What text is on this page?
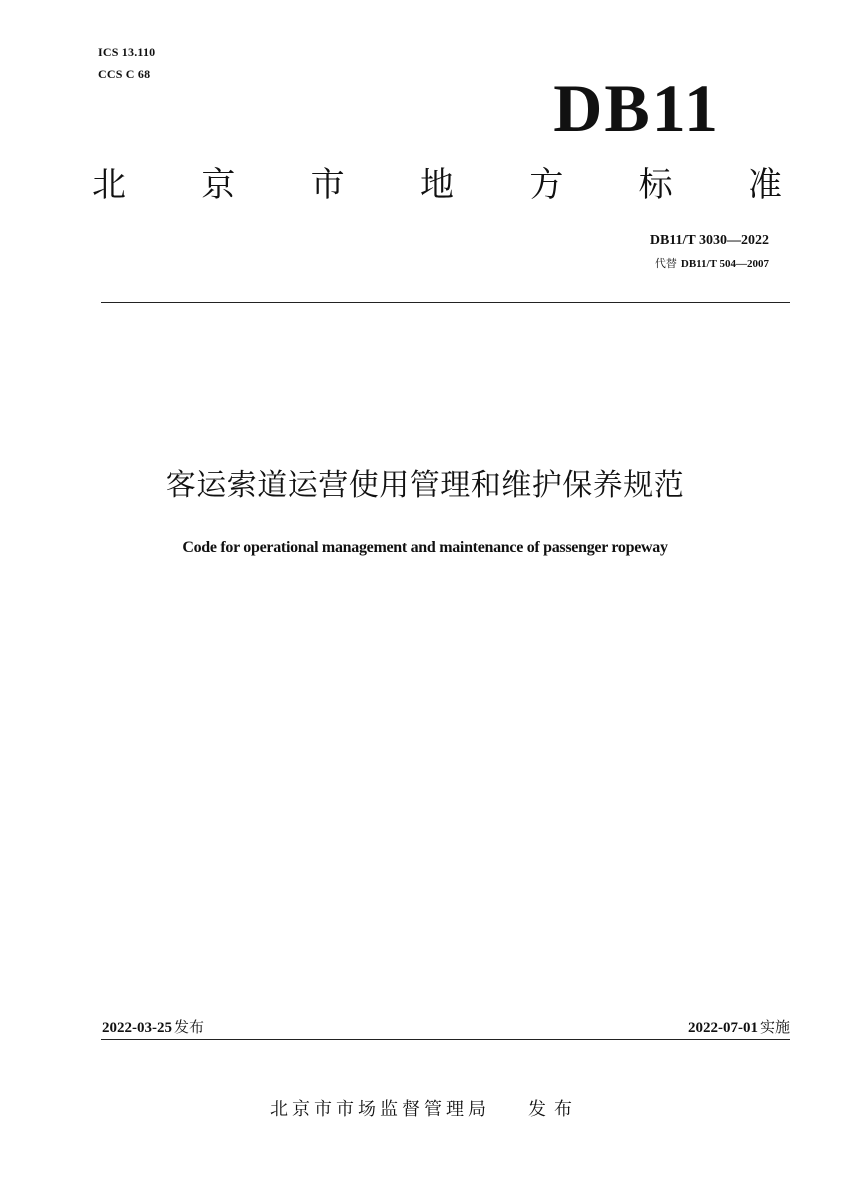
ICS 13.110
CCS C 68	DB11
北 京 市 地 方 标 准
DB11/T 3030—2022
代替 DB11/T 504—2007
客运索道运营使用管理和维护保养规范
Code for operational management and maintenance of passenger ropeway
2022-03-25 发布	2022-07-01 实施
北京市市场监督管理局 发布
